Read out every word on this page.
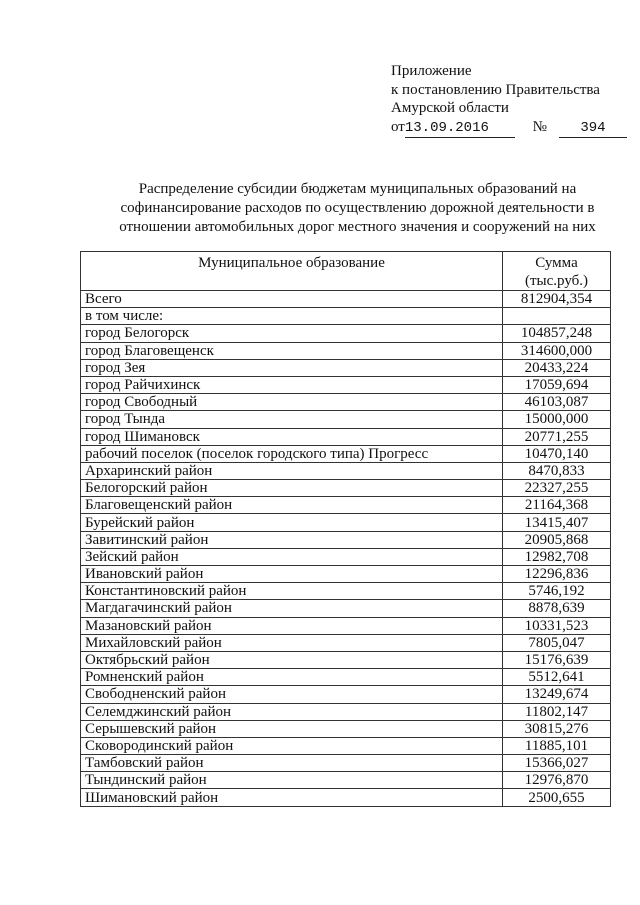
Приложение
к постановлению Правительства
Амурской области
от13.09.2016	№ 394
Распределение субсидии бюджетам муниципальных образований на
софинансирование расходов по осуществлению дорожной деятельности в
отношении автомобильных дорог местного значения и сооружений на них
Муниципальное образование	Сумма
(тыс.руб.)

Всего	812904,354
в том числе:	
город Белогорск	104857,248
город Благовещенск	314600,000
город Зея	20433,224
город Райчихинск	17059,694
город Свободный	46103,087
город Тында	15000,000
город Шимановск	20771,255
рабочий поселок (поселок городского типа) Прогресс	10470,140
Архаринский район	8470,833
Белогорский район	22327,255
Благовещенский район	21164,368
Бурейский район	13415,407
Завитинский район	20905,868
Зейский район	12982,708
Ивановский район	12296,836
Константиновский район	5746,192
Магдагачинский район	8878,639
Мазановский район	10331,523
Михайловский район	7805,047
Октябрьский район	15176,639
Ромненский район	5512,641
Свободненский район	13249,674
Селемджинский район	11802,147
Серышевский район	30815,276
Сковородинский район	11885,101
Тамбовский район	15366,027
Тындинский район	12976,870
Шимановский район	2500,655
